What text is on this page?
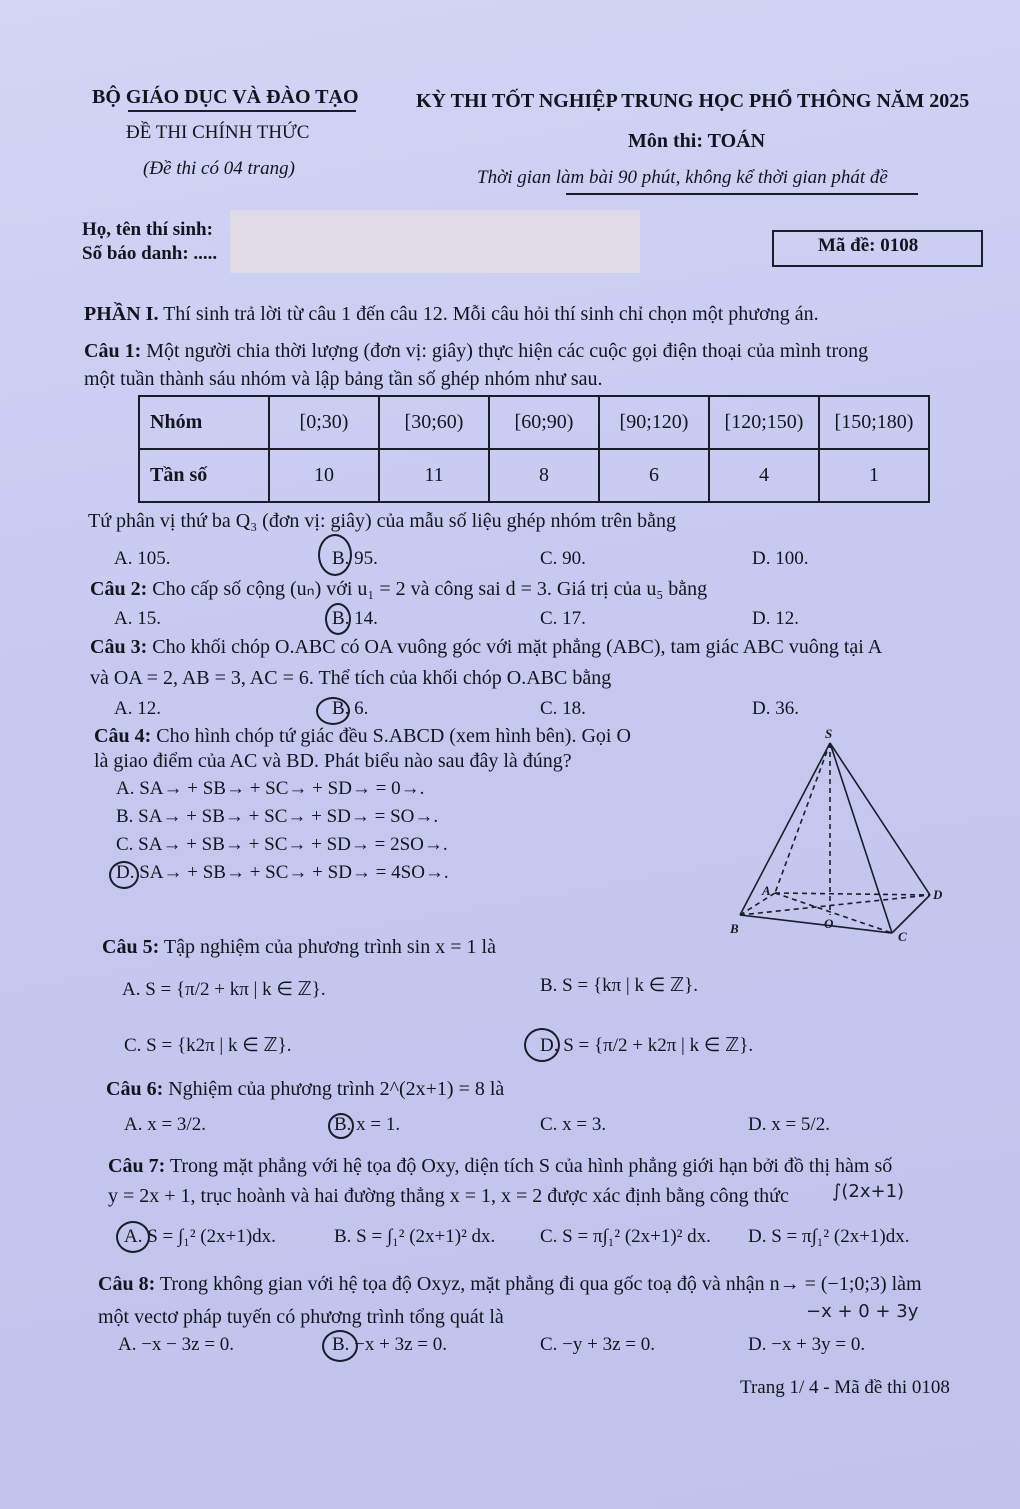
BỘ GIÁO DỤC VÀ ĐÀO TẠO
ĐỀ THI CHÍNH THỨC
(Đề thi có 04 trang)
KỲ THI TỐT NGHIỆP TRUNG HỌC PHỔ THÔNG NĂM 2025
Môn thi: TOÁN
Thời gian làm bài 90 phút, không kể thời gian phát đề
Họ, tên thí sinh:
Số báo danh: .....	Mã đề: 0108
PHẦN I. Thí sinh trả lời từ câu 1 đến câu 12. Mỗi câu hỏi thí sinh chỉ chọn một phương án.
Câu 1: Một người chia thời lượng (đơn vị: giây) thực hiện các cuộc gọi điện thoại của mình trong
một tuần thành sáu nhóm và lập bảng tần số ghép nhóm như sau.
Nhóm	[0;30)	[30;60)	[60;90)	[90;120)	[120;150)	[150;180)
Tần số	10	11	8	6	4	1
Tứ phân vị thứ ba Q₃ (đơn vị: giây) của mẫu số liệu ghép nhóm trên bằng
A. 105.	B. 95.	C. 90.	D. 100.
Câu 2: Cho cấp số cộng (uₙ) với u₁ = 2 và công sai d = 3. Giá trị của u₅ bằng
A. 15.	B. 14.	C. 17.	D. 12.
Câu 3: Cho khối chóp O.ABC có OA vuông góc với mặt phẳng (ABC), tam giác ABC vuông tại A
và OA = 2, AB = 3, AC = 6. Thể tích của khối chóp O.ABC bằng
A. 12.	B. 6.	C. 18.	D. 36.
Câu 4: Cho hình chóp tứ giác đều S.ABCD (xem hình bên). Gọi O
là giao điểm của AC và BD. Phát biểu nào sau đây là đúng?
A. SA→ + SB→ + SC→ + SD→ = 0→.
B. SA→ + SB→ + SC→ + SD→ = SO→.
C. SA→ + SB→ + SC→ + SD→ = 2SO→.
D. SA→ + SB→ + SC→ + SD→ = 4SO→.
S
A	D
B	O
C
Câu 5: Tập nghiệm của phương trình sin x = 1 là
A. S = {π/2 + kπ | k ∈ ℤ}.	B. S = {kπ | k ∈ ℤ}.
C. S = {k2π | k ∈ ℤ}.	D. S = {π/2 + k2π | k ∈ ℤ}.
Câu 6: Nghiệm của phương trình 2^(2x+1) = 8 là
A. x = 3/2.	B. x = 1.	C. x = 3.	D. x = 5/2.
Câu 7: Trong mặt phẳng với hệ tọa độ Oxy, diện tích S của hình phẳng giới hạn bởi đồ thị hàm số
y = 2x + 1, trục hoành và hai đường thẳng x = 1, x = 2 được xác định bằng công thức ∫(2x+1)
A. S = ∫₁² (2x+1)dx.	B. S = ∫₁² (2x+1)² dx. C. S = π∫₁² (2x+1)² dx. D. S = π∫₁² (2x+1)dx.
Câu 8: Trong không gian với hệ tọa độ Oxyz, mặt phẳng đi qua gốc toạ độ và nhận n→ = (−1;0;3) làm
một vectơ pháp tuyến có phương trình tổng quát là	−x + 0 + 3y
A. −x − 3z = 0.	B. −x + 3z = 0.	C. −y + 3z = 0.	D. −x + 3y = 0.
Trang 1/ 4 - Mã đề thi 0108
